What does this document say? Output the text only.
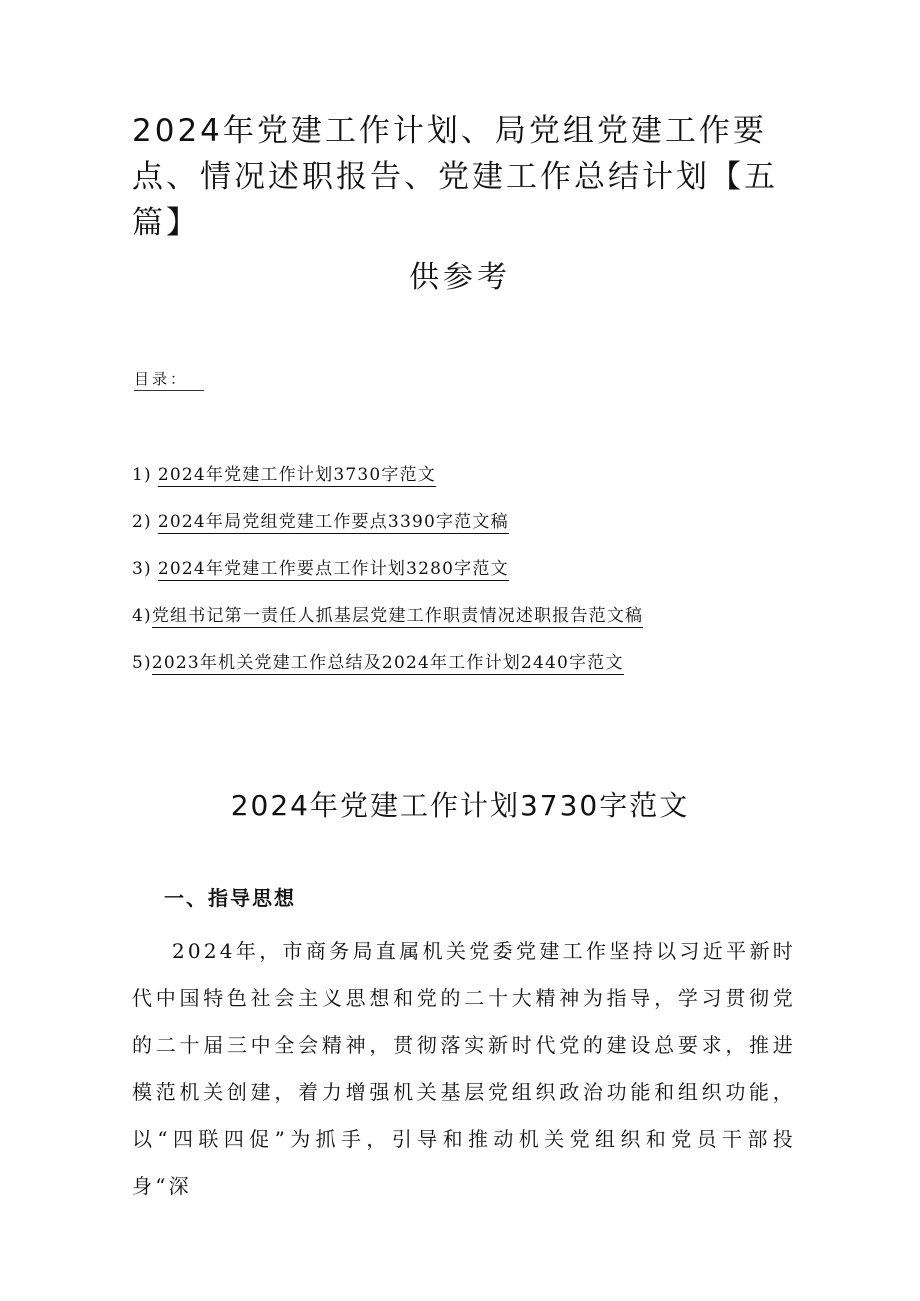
2024年党建工作计划、局党组党建工作要点、情况述职报告、党建工作总结计划【五篇】
供参考
目录：
1) 2024年党建工作计划3730字范文
2) 2024年局党组党建工作要点3390字范文稿
3) 2024年党建工作要点工作计划3280字范文
4)党组书记第一责任人抓基层党建工作职责情况述职报告范文稿
5)2023年机关党建工作总结及2024年工作计划2440字范文
2024年党建工作计划3730字范文
一、指导思想

2024年，市商务局直属机关党委党建工作坚持以习近平新时代中国特色社会主义思想和党的二十大精神为指导，学习贯彻党的二十届三中全会精神，贯彻落实新时代党的建设总要求，推进模范机关创建，着力增强机关基层党组织政治功能和组织功能，以“四联四促”为抓手，引导和推动机关党组织和党员干部投身“深
